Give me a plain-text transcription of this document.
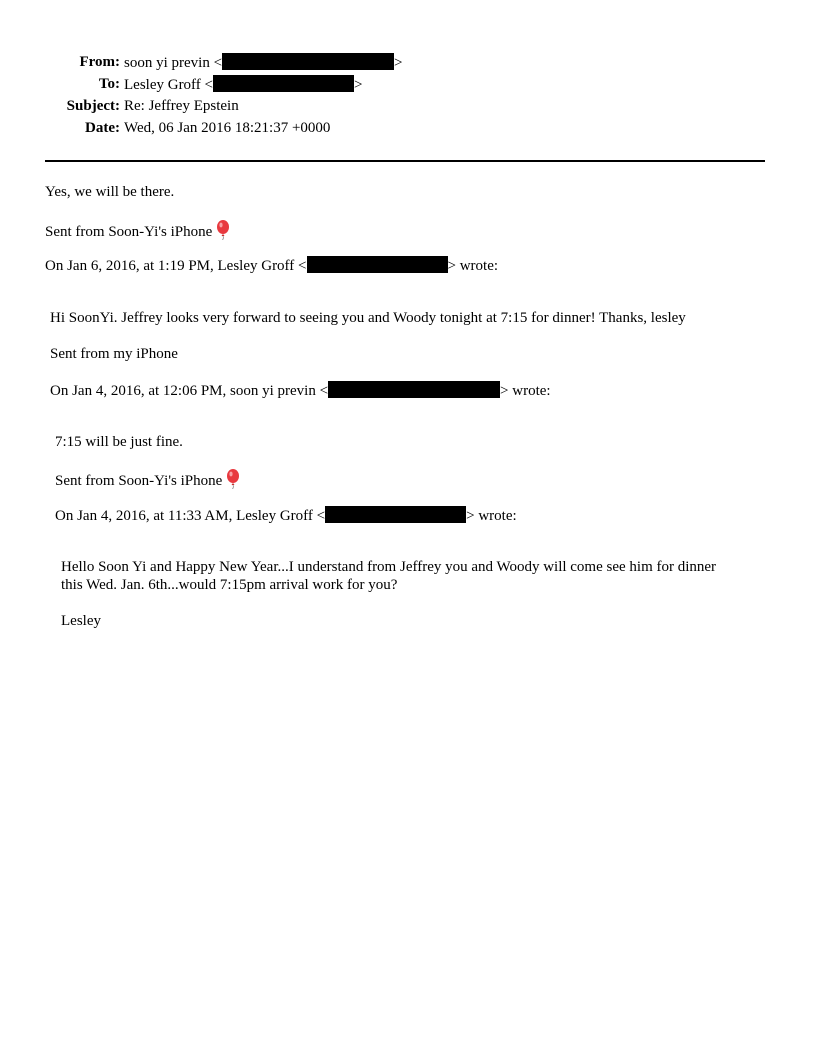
From: soon yi previn <	>
To: Lesley Groff <	>
Subject: Re: Jeffrey Epstein
Date: Wed, 06 Jan 2016 18:21:37 +0000
Yes, we will be there.
Sent from Soon-Yi's iPhone
On Jan 6, 2016, at 1:19 PM, Lesley Groff <	> wrote:
Hi SoonYi. Jeffrey looks very forward to seeing you and Woody tonight at 7:15 for dinner! Thanks, lesley
Sent from my iPhone
On Jan 4, 2016, at 12:06 PM, soon yi previn <	> wrote:
7:15 will be just fine.
Sent from Soon-Yi's iPhone
On Jan 4, 2016, at 11:33 AM, Lesley Groff <	> wrote:
Hello Soon Yi and Happy New Year...I understand from Jeffrey you and Woody will come see him for dinner this Wed. Jan. 6th...would 7:15pm arrival work for you?
Lesley
